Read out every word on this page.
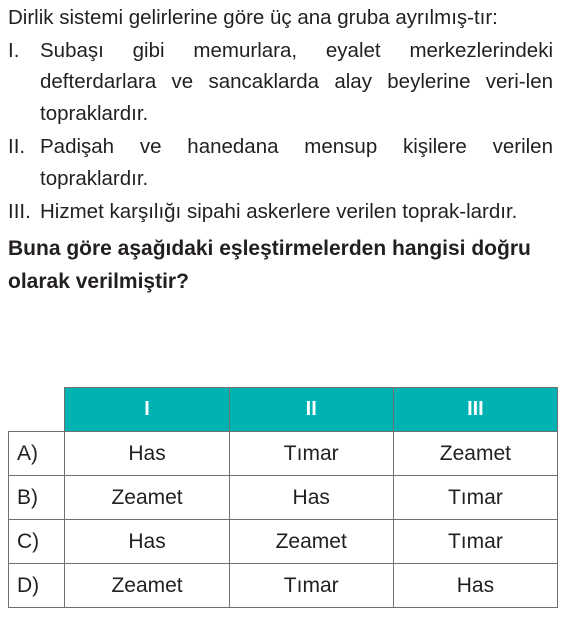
Dirlik sistemi gelirlerine göre üç ana gruba ayrılmış-tır:

I.	Subaşı gibi memurlara, eyalet merkezlerindeki defterdarlara ve sancaklarda alay beylerine veri-len topraklardır.
II. Padişah ve hanedana mensup kişilere verilen topraklardır.
III. Hizmet karşılığı sipahi askerlere verilen toprak-lardır.
Buna göre aşağıdaki eşleştirmelerden hangisi doğru olarak verilmiştir?
	I	II	III
A)	Has	Tımar	Zeamet
B)	Zeamet	Has	Tımar
C)	Has	Zeamet	Tımar
D)	Zeamet	Tımar	Has
